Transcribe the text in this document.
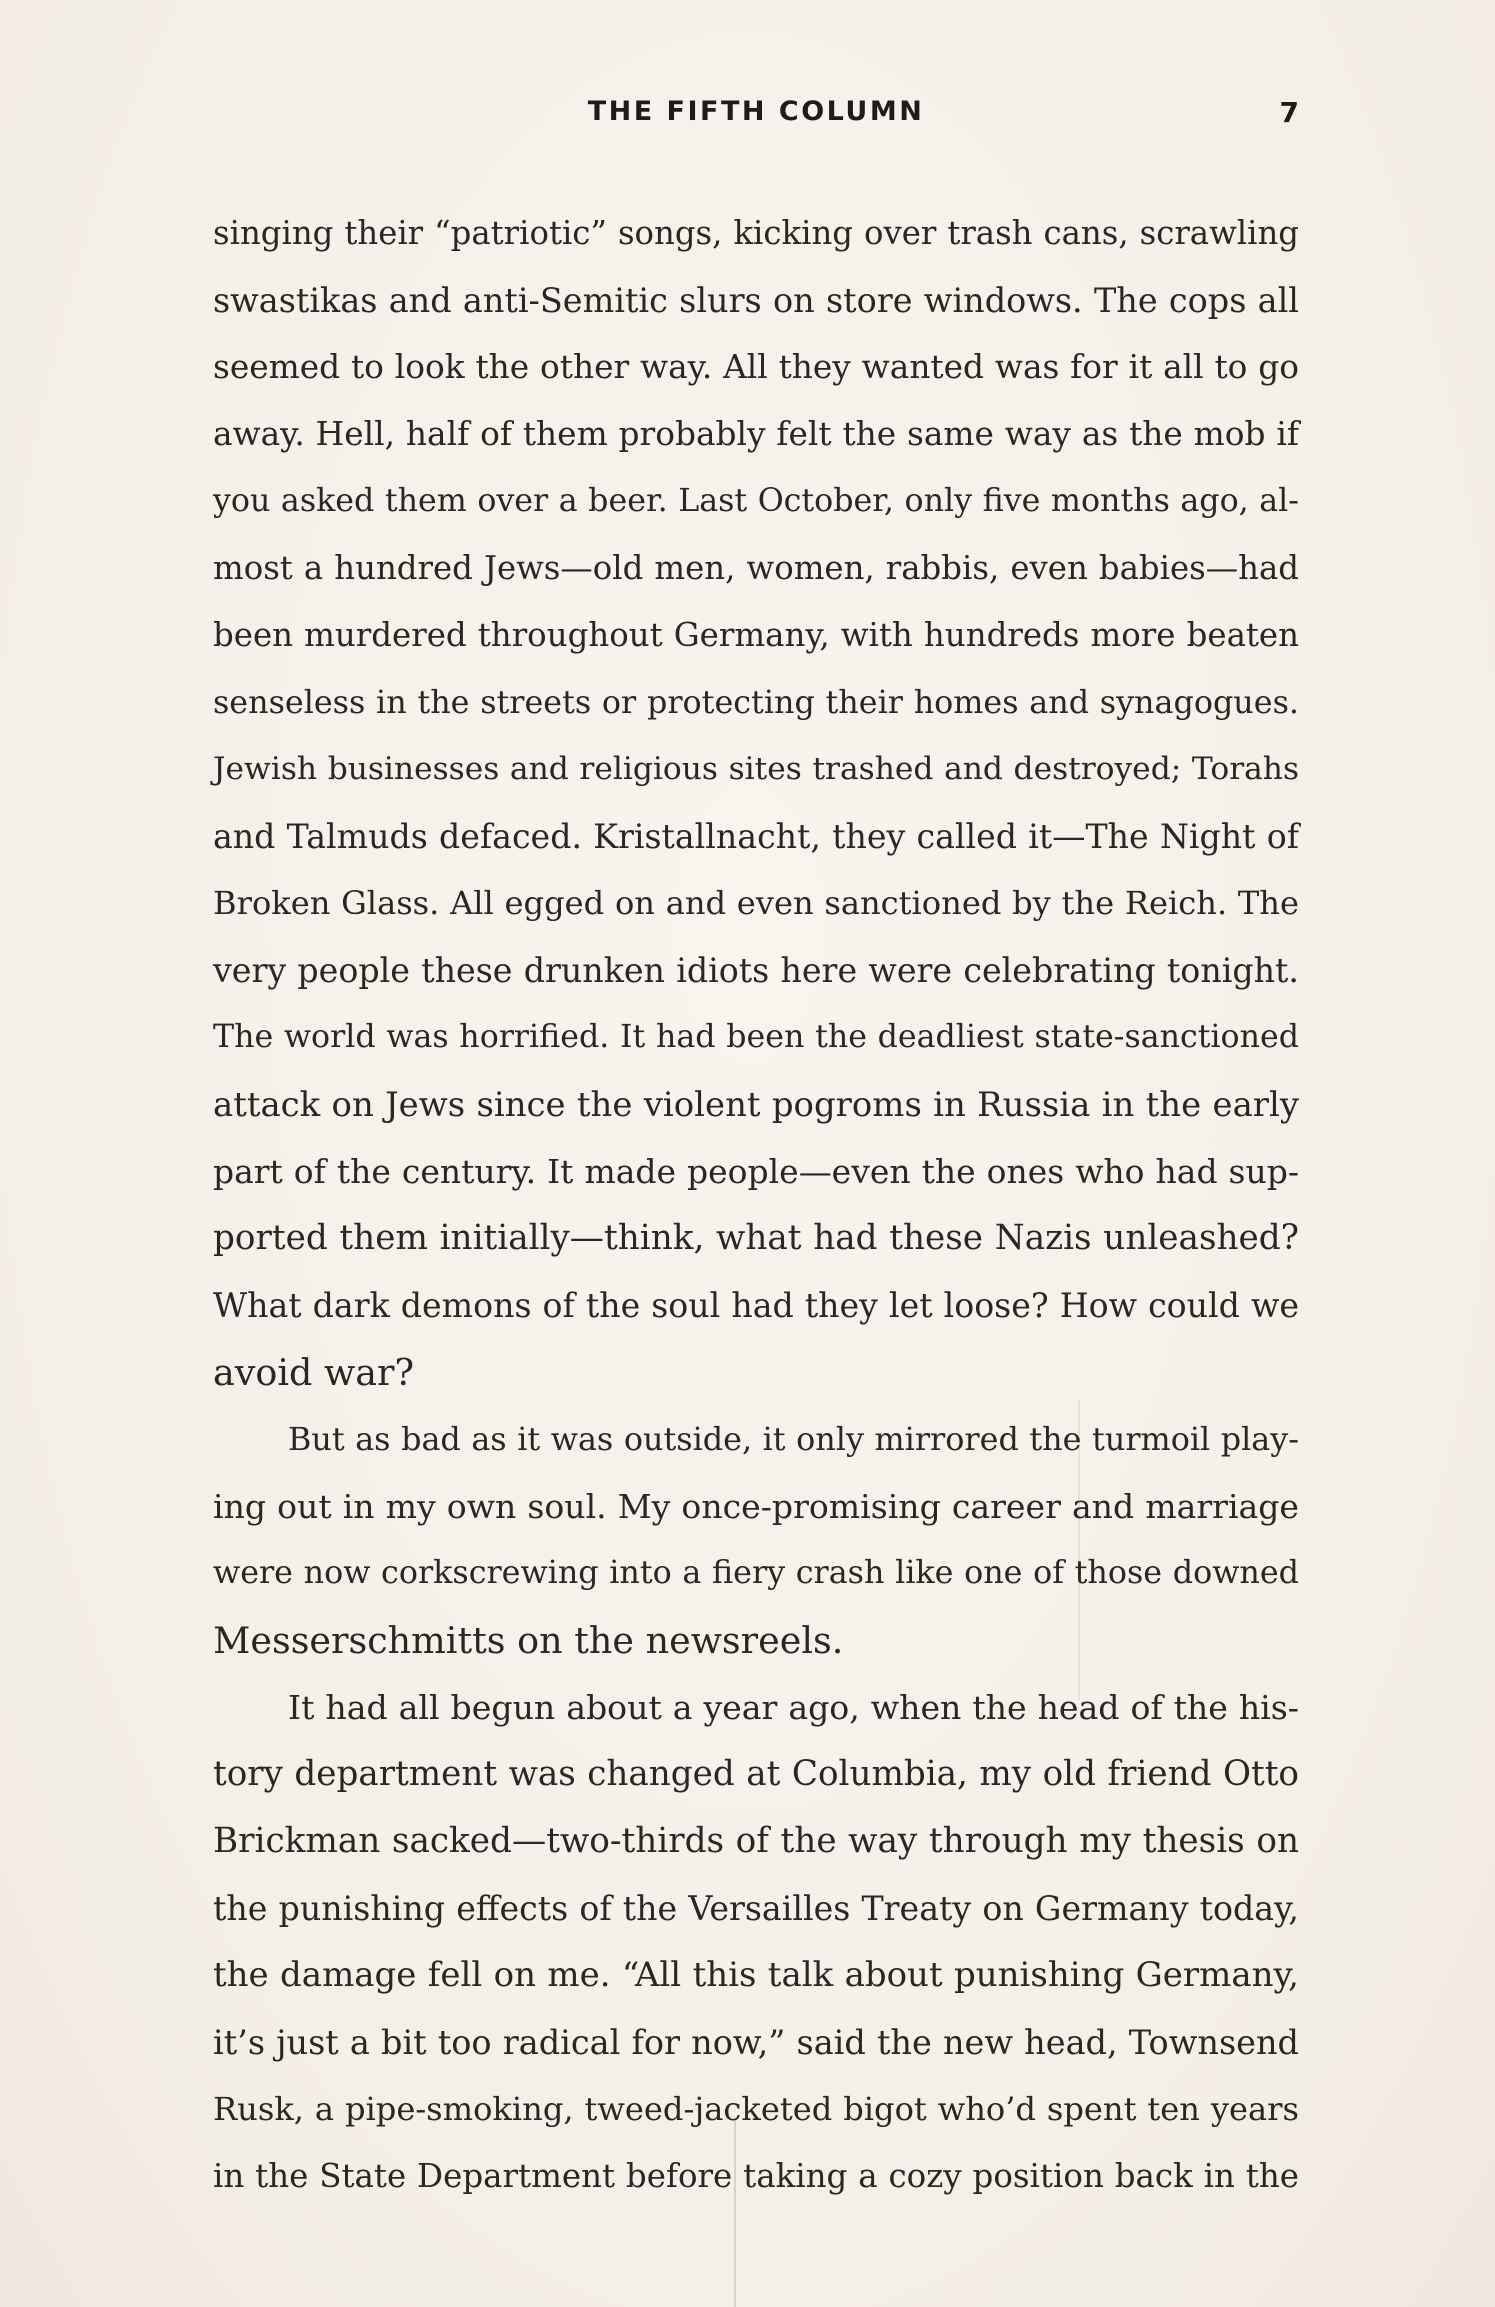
THE FIFTH COLUMN	7
singing their “patriotic” songs, kicking over trash cans, scrawling
swastikas and anti-Semitic slurs on store windows. The cops all
seemed to look the other way. All they wanted was for it all to go
away. Hell, half of them probably felt the same way as the mob if
you asked them over a beer. Last October, only five months ago, al-
most a hundred Jews—old men, women, rabbis, even babies—had
been murdered throughout Germany, with hundreds more beaten
senseless in the streets or protecting their homes and synagogues.
Jewish businesses and religious sites trashed and destroyed; Torahs
and Talmuds defaced. Kristallnacht, they called it—The Night of
Broken Glass. All egged on and even sanctioned by the Reich. The
very people these drunken idiots here were celebrating tonight.
The world was horrified. It had been the deadliest state-sanctioned
attack on Jews since the violent pogroms in Russia in the early
part of the century. It made people—even the ones who had sup-
ported them initially—think, what had these Nazis unleashed?
What dark demons of the soul had they let loose? How could we
avoid war?
But as bad as it was outside, it only mirrored the turmoil play-
ing out in my own soul. My once-promising career and marriage
were now corkscrewing into a fiery crash like one of those downed
Messerschmitts on the newsreels.
It had all begun about a year ago, when the head of the his-
tory department was changed at Columbia, my old friend Otto
Brickman sacked—two-thirds of the way through my thesis on
the punishing effects of the Versailles Treaty on Germany today,
the damage fell on me. “All this talk about punishing Germany,
it’s just a bit too radical for now,” said the new head, Townsend
Rusk, a pipe-smoking, tweed-jacketed bigot who’d spent ten years
in the State Department before taking a cozy position back in the
